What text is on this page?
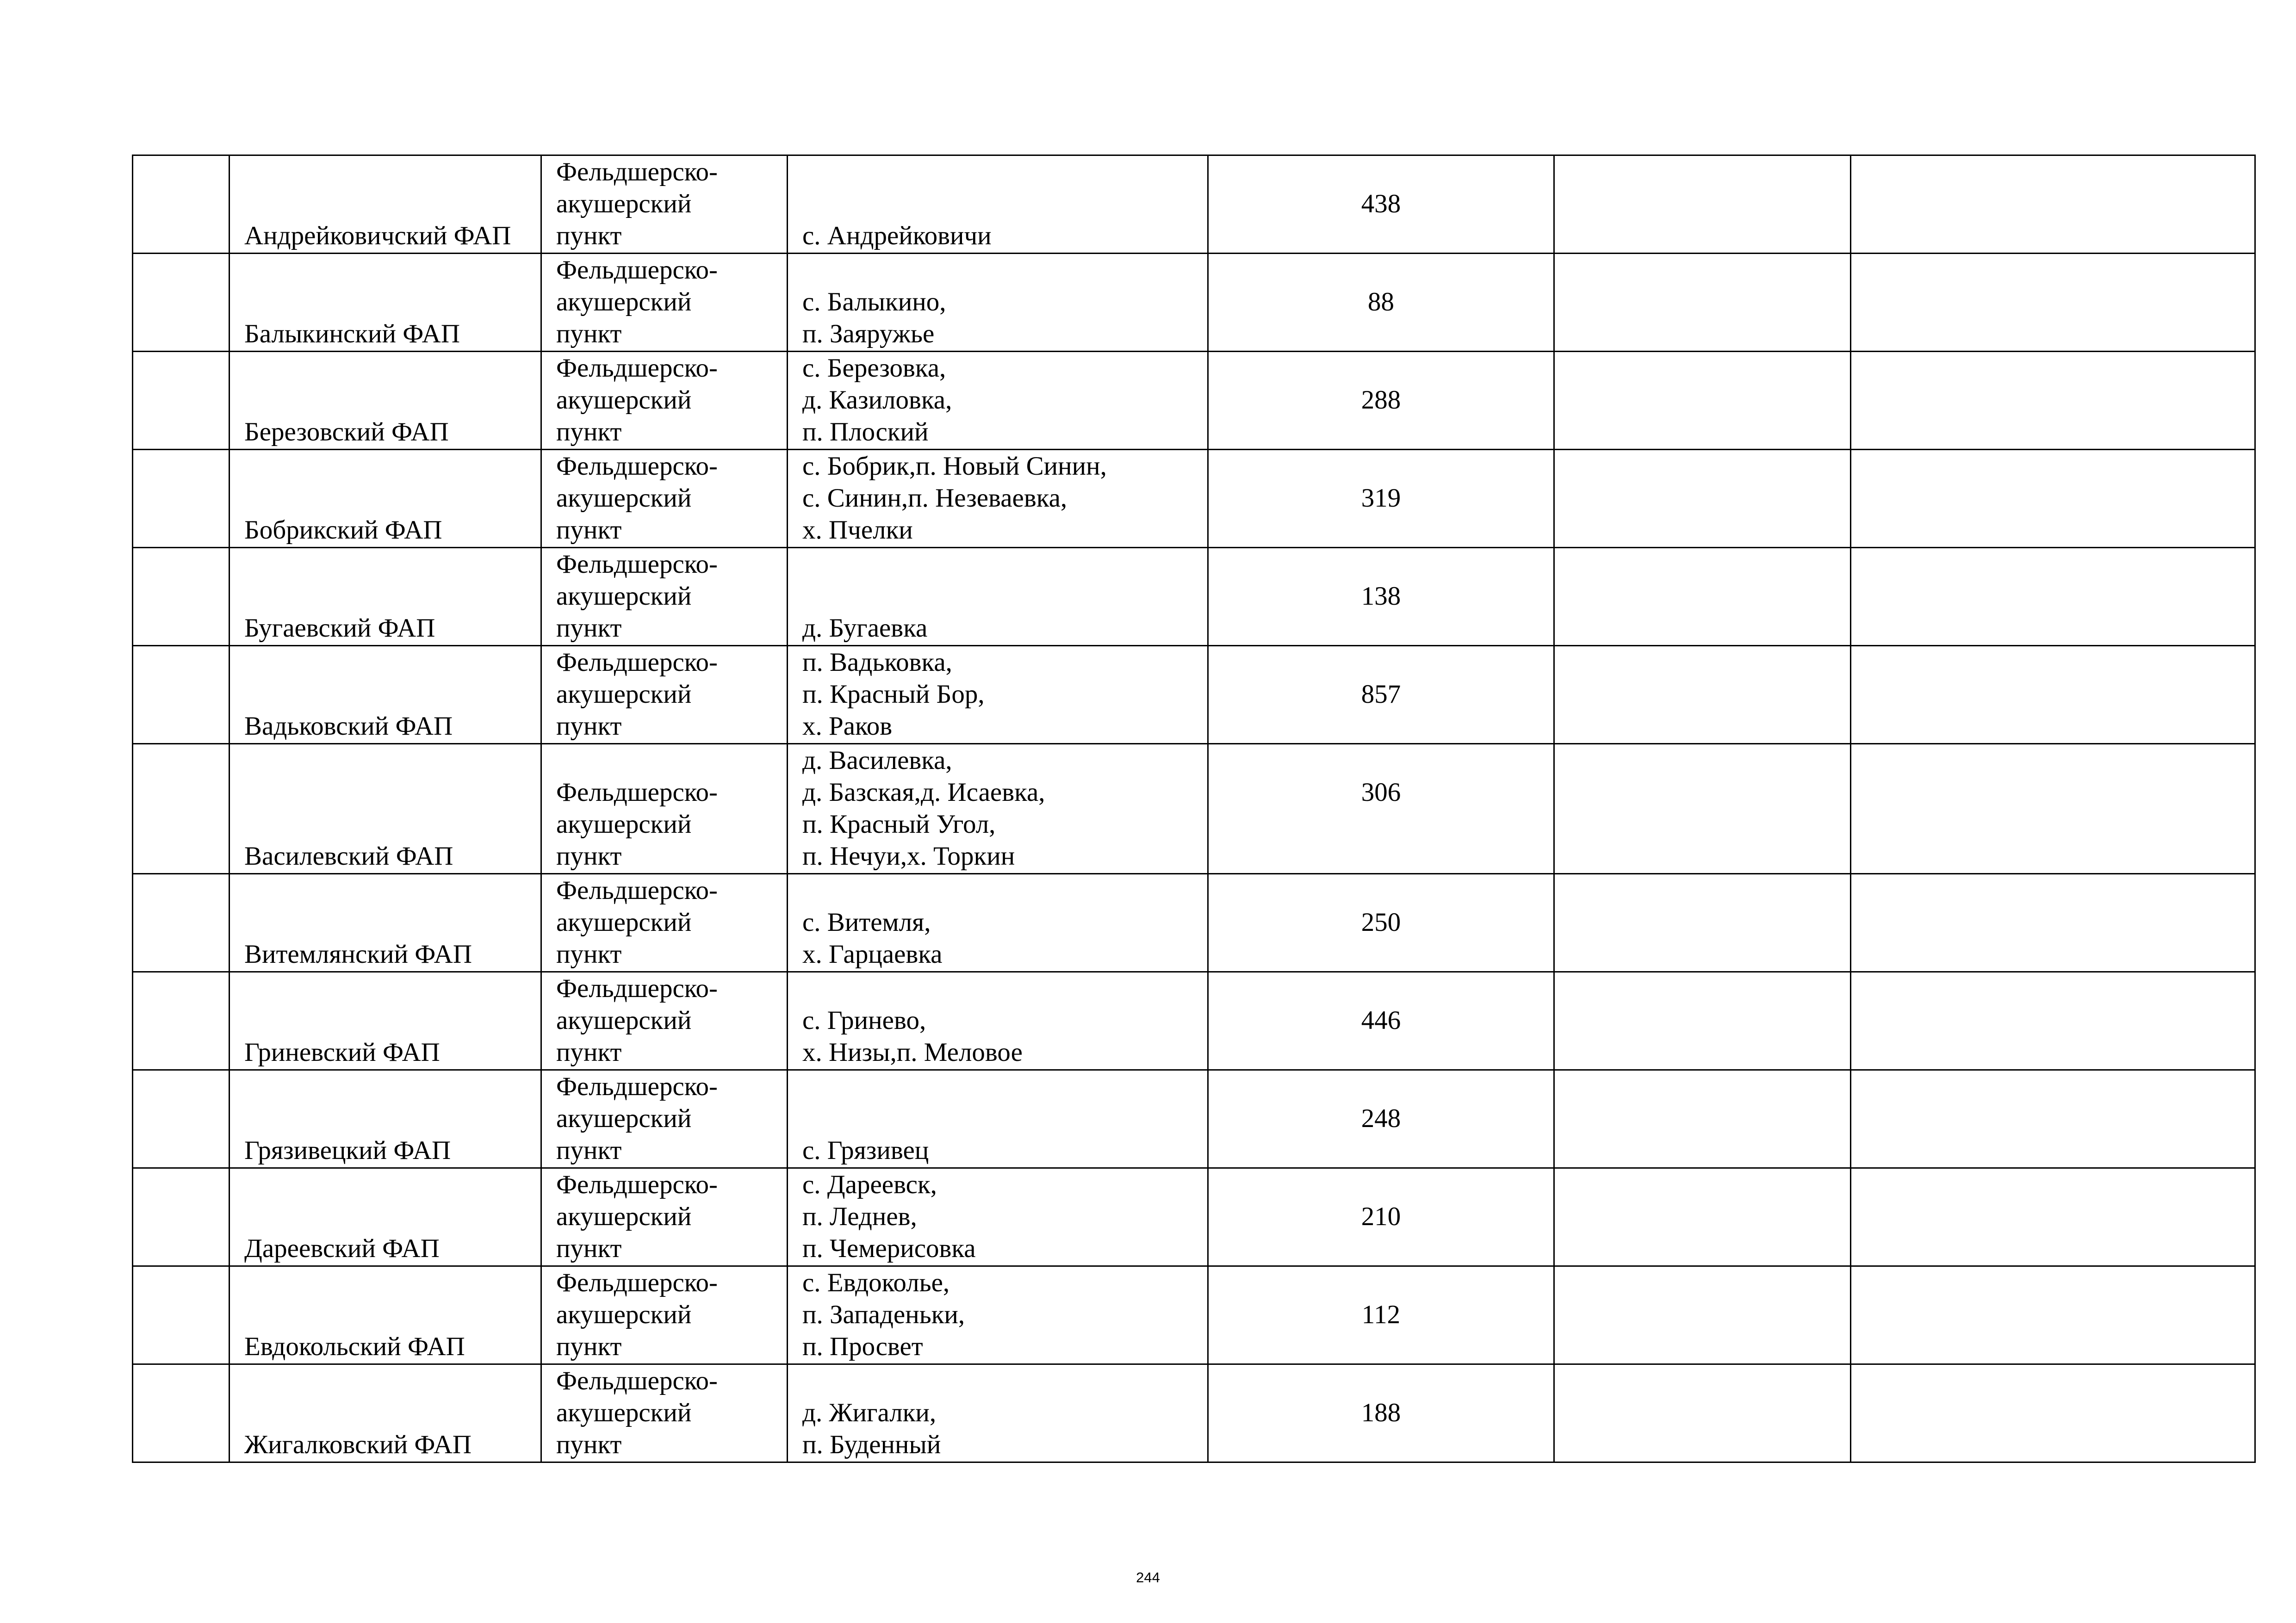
	Андрейковичский ФАП	Фельдшерско-
акушерский
пункт	с. Андрейковичи	438		
	Балыкинский ФАП	Фельдшерско-
акушерский
пункт	с. Балыкино,
п. Заяружье	88		
	Березовский ФАП	Фельдшерско-
акушерский
пункт	с. Березовка,
д. Казиловка,
п. Плоский	288		
	Бобрикский ФАП	Фельдшерско-
акушерский
пункт	с. Бобрик,п. Новый Синин,
с. Синин,п. Незеваевка,
х. Пчелки	319		
	Бугаевский ФАП	Фельдшерско-
акушерский
пункт	д. Бугаевка	138		
	Вадьковский ФАП	Фельдшерско-
акушерский
пункт	п. Вадьковка,
п. Красный Бор,
х. Раков	857		
	Василевский ФАП	Фельдшерско-
акушерский
пункт	д. Василевка,
д. Базская,д. Исаевка,
п. Красный Угол,
п. Нечуи,х. Торкин	306		
	Витемлянский ФАП	Фельдшерско-
акушерский
пункт	с. Витемля,
х. Гарцаевка	250		
	Гриневский ФАП	Фельдшерско-
акушерский
пункт	с. Гринево,
х. Низы,п. Меловое	446		
	Грязивецкий ФАП	Фельдшерско-
акушерский
пункт	с. Грязивец	248		
	Дареевский ФАП	Фельдшерско-
акушерский
пункт	с. Дареевск,
п. Леднев,
п. Чемерисовка	210		
	Евдокольский ФАП	Фельдшерско-
акушерский
пункт	с. Евдоколье,
п. Западеньки,
п. Просвет	112		
	Жигалковский ФАП	Фельдшерско-
акушерский
пункт	д. Жигалки,
п. Буденный	188		
244
